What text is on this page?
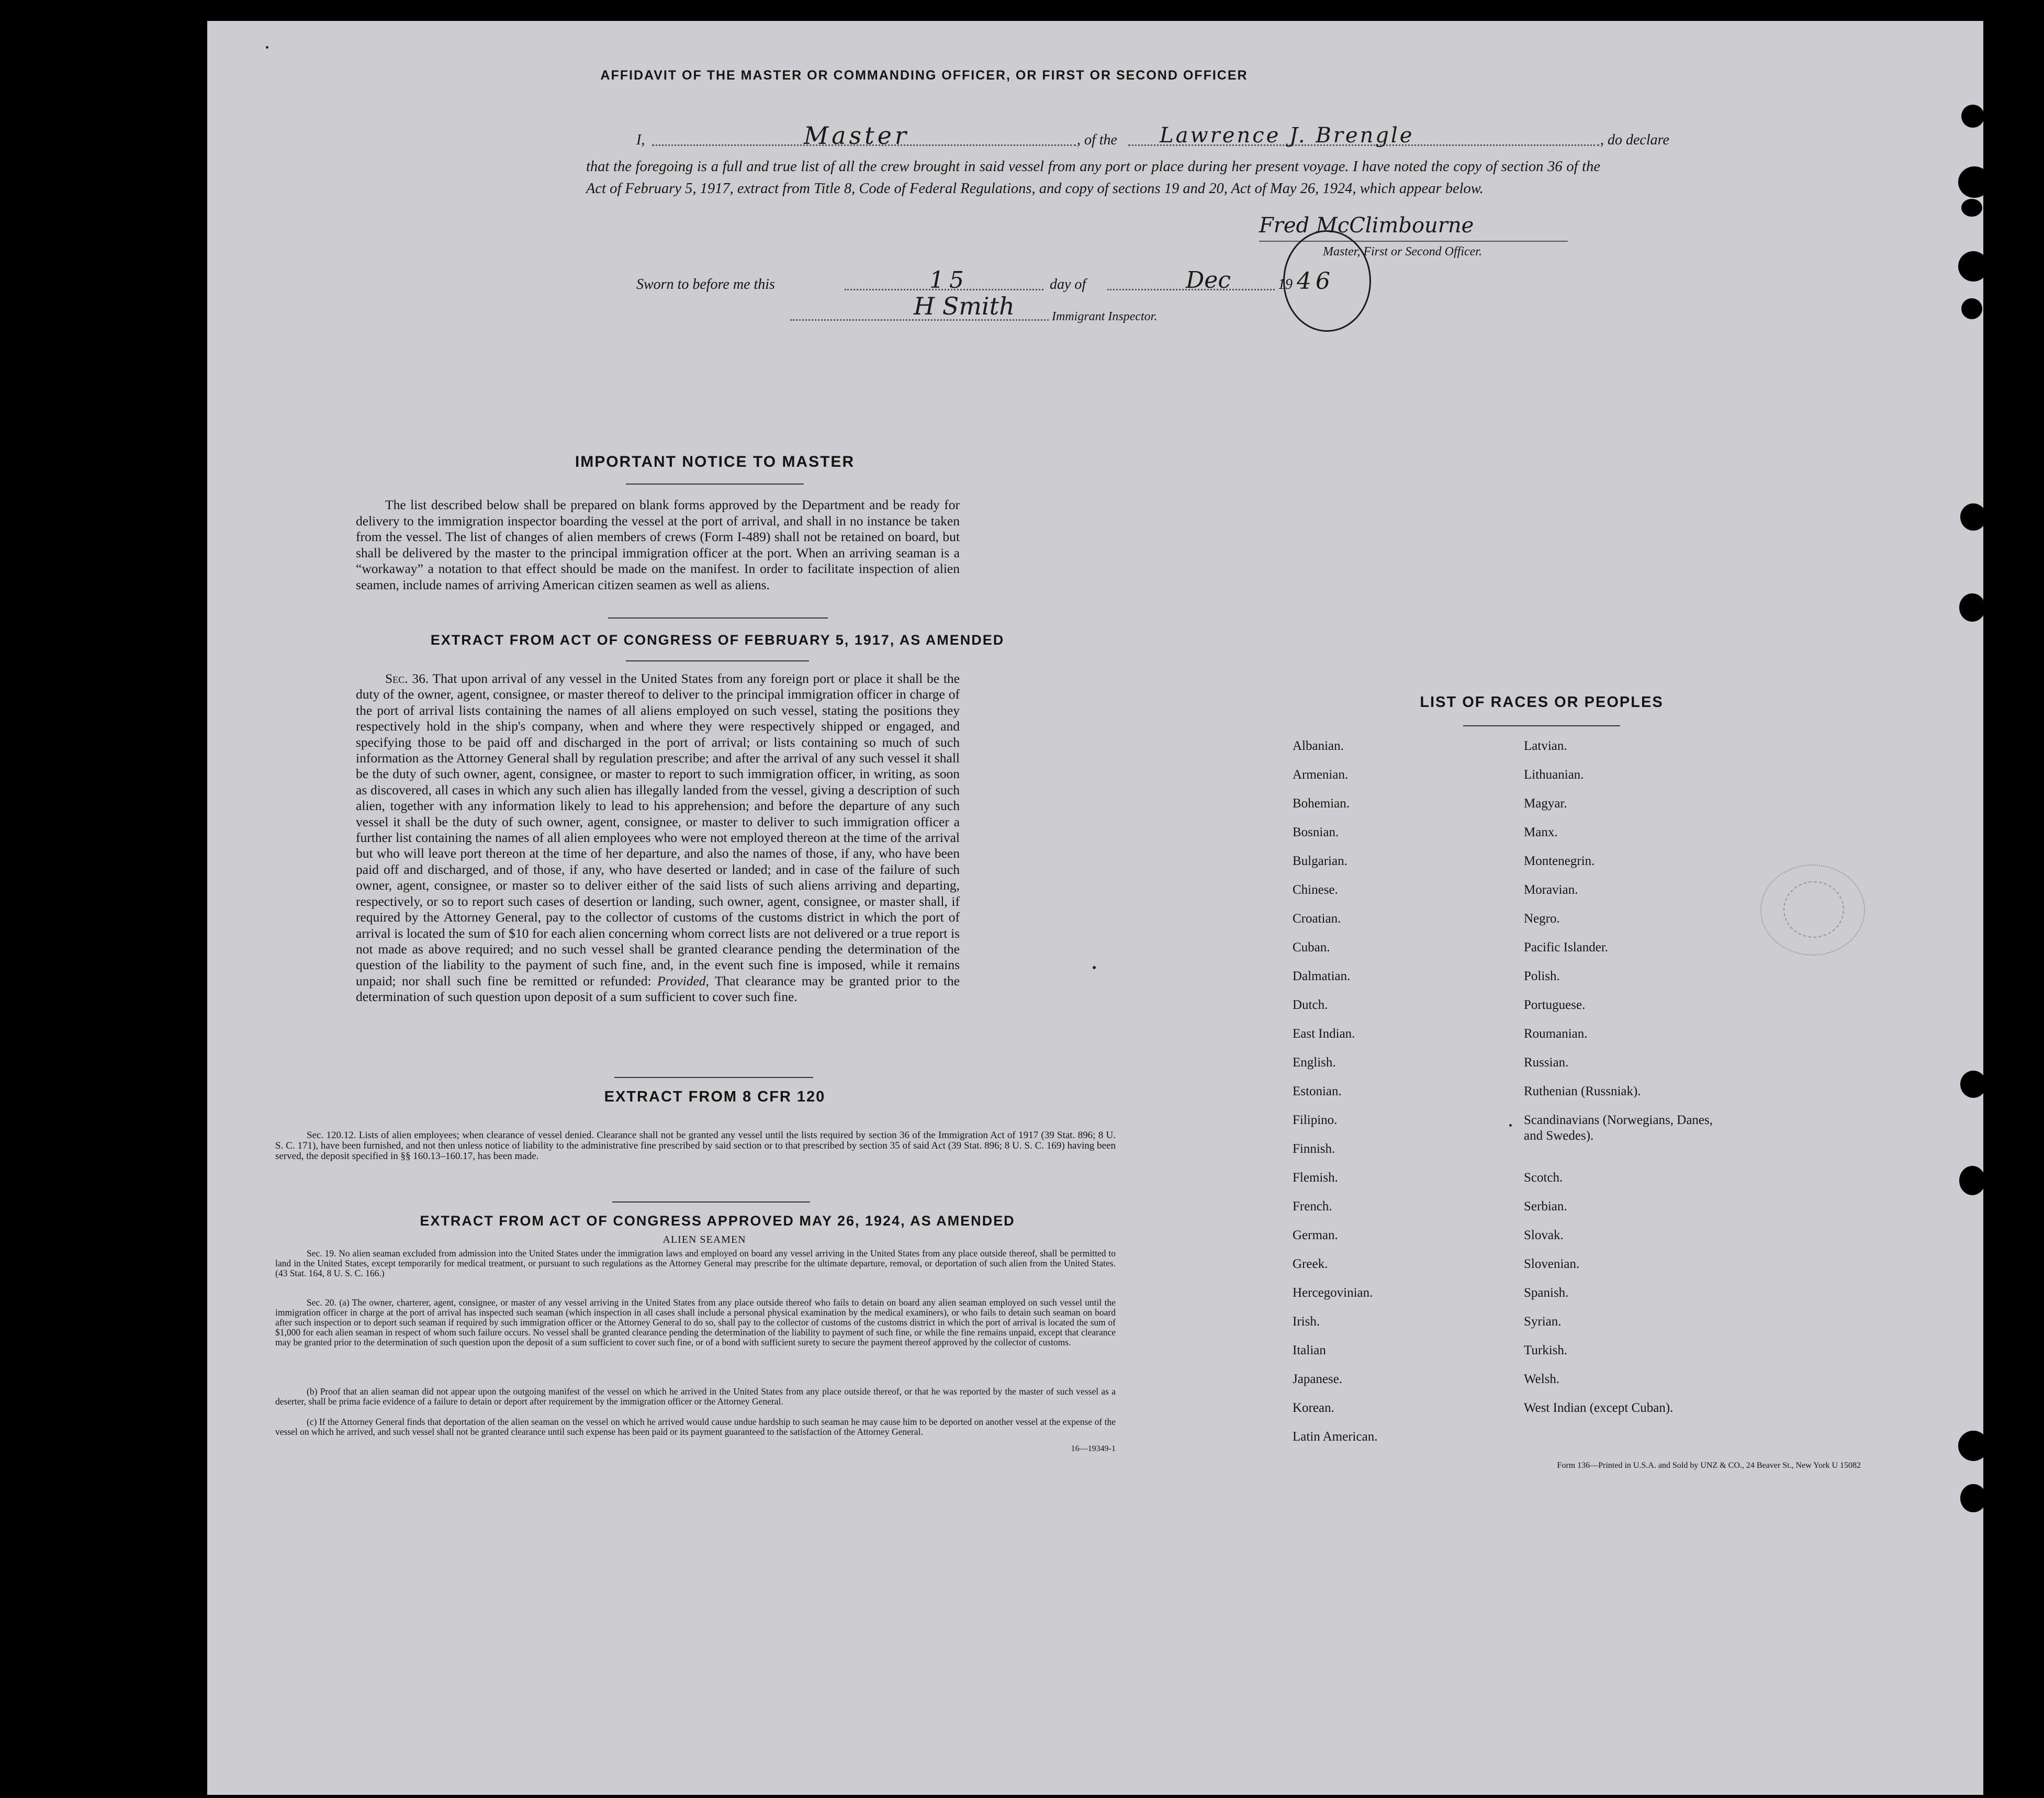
AFFIDAVIT OF THE MASTER OR COMMANDING OFFICER, OR FIRST OR SECOND OFFICER
I,	Master	, of the Lawrence J. Brengle	, do declare
that the foregoing is a full and true list of all the crew brought in said vessel from any port or place during her present voyage. I have noted the copy of section 36 of the Act of February 5, 1917, extract from Title 8, Code of Federal Regulations, and copy of sections 19 and 20, Act of May 26, 1924, which appear below.
Fred McClimbourne
Master, First or Second Officer.
Sworn to before me this	15	day of	Dec	19 46
H Smith	Immigrant Inspector.
IMPORTANT NOTICE TO MASTER
The list described below shall be prepared on blank forms approved by the Department and be ready for delivery to the immigration inspector boarding the vessel at the port of arrival, and shall in no instance be taken from the vessel. The list of changes of alien members of crews (Form I-489) shall not be retained on board, but shall be delivered by the master to the principal immigration officer at the port. When an arriving seaman is a “workaway” a notation to that effect should be made on the manifest. In order to facilitate inspection of alien seamen, include names of arriving American citizen seamen as well as aliens.
EXTRACT FROM ACT OF CONGRESS OF FEBRUARY 5, 1917, AS AMENDED
Sec. 36. That upon arrival of any vessel in the United States from any foreign port or place it shall be the duty of the owner, agent, consignee, or master thereof to deliver to the principal immigration officer in charge of the port of arrival lists containing the names of all aliens employed on such vessel, stating the positions they respectively hold in the ship's company, when and where they were respectively shipped or engaged, and specifying those to be paid off and discharged in the port of arrival; or lists containing so much of such information as the Attorney General shall by regulation prescribe; and after the arrival of any such vessel it shall be the duty of such owner, agent, consignee, or master to report to such immigration officer, in writing, as soon as discovered, all cases in which any such alien has illegally landed from the vessel, giving a description of such alien, together with any information likely to lead to his apprehension; and before the departure of any such vessel it shall be the duty of such owner, agent, consignee, or master to deliver to such immigration officer a further list containing the names of all alien employees who were not employed thereon at the time of the arrival but who will leave port thereon at the time of her departure, and also the names of those, if any, who have been paid off and discharged, and of those, if any, who have deserted or landed; and in case of the failure of such owner, agent, consignee, or master so to deliver either of the said lists of such aliens arriving and departing, respectively, or so to report such cases of desertion or landing, such owner, agent, consignee, or master shall, if required by the Attorney General, pay to the collector of customs of the customs district in which the port of arrival is located the sum of $10 for each alien concerning whom correct lists are not delivered or a true report is not made as above required; and no such vessel shall be granted clearance pending the determination of the question of the liability to the payment of such fine, and, in the event such fine is imposed, while it remains unpaid; nor shall such fine be remitted or refunded: Provided, That clearance may be granted prior to the determination of such question upon deposit of a sum sufficient to cover such fine.
EXTRACT FROM 8 CFR 120
Sec. 120.12. Lists of alien employees; when clearance of vessel denied. Clearance shall not be granted any vessel until the lists required by section 36 of the Immigration Act of 1917 (39 Stat. 896; 8 U. S. C. 171), have been furnished, and not then unless notice of liability to the administrative fine prescribed by said section or to that prescribed by section 35 of said Act (39 Stat. 896; 8 U. S. C. 169) having been served, the deposit specified in §§ 160.13–160.17, has been made.
EXTRACT FROM ACT OF CONGRESS APPROVED MAY 26, 1924, AS AMENDED
ALIEN SEAMEN
Sec. 19. No alien seaman excluded from admission into the United States under the immigration laws and employed on board any vessel arriving in the United States from any place outside thereof, shall be permitted to land in the United States, except temporarily for medical treatment, or pursuant to such regulations as the Attorney General may prescribe for the ultimate departure, removal, or deportation of such alien from the United States. (43 Stat. 164, 8 U. S. C. 166.)
Sec. 20. (a) The owner, charterer, agent, consignee, or master of any vessel arriving in the United States from any place outside thereof who fails to detain on board any alien seaman employed on such vessel until the immigration officer in charge at the port of arrival has inspected such seaman (which inspection in all cases shall include a personal physical examination by the medical examiners), or who fails to detain such seaman on board after such inspection or to deport such seaman if required by such immigration officer or the Attorney General to do so, shall pay to the collector of customs of the customs district in which the port of arrival is located the sum of $1,000 for each alien seaman in respect of whom such failure occurs. No vessel shall be granted clearance pending the determination of the liability to payment of such fine, or while the fine remains unpaid, except that clearance may be granted prior to the determination of such question upon the deposit of a sum sufficient to cover such fine, or of a bond with sufficient surety to secure the payment thereof approved by the collector of customs.
(b) Proof that an alien seaman did not appear upon the outgoing manifest of the vessel on which he arrived in the United States from any place outside thereof, or that he was reported by the master of such vessel as a deserter, shall be prima facie evidence of a failure to detain or deport after requirement by the immigration officer or the Attorney General.
(c) If the Attorney General finds that deportation of the alien seaman on the vessel on which he arrived would cause undue hardship to such seaman he may cause him to be deported on another vessel at the expense of the vessel on which he arrived, and such vessel shall not be granted clearance until such expense has been paid or its payment guaranteed to the satisfaction of the Attorney General.
16—19349-1
LIST OF RACES OR PEOPLES
Albanian.
Armenian.
Bohemian.
Bosnian.
Bulgarian.
Chinese.
Croatian.
Cuban.
Dalmatian.
Dutch.
East Indian.
English.
Estonian.
Filipino.
Finnish.
Flemish.
French.
German.
Greek.
Hercegovinian.
Irish.
Italian
Japanese.
Korean.
Latin American.
Latvian.
Lithuanian.
Magyar.
Manx.
Montenegrin.
Moravian.
Negro.
Pacific Islander.
Polish.
Portuguese.
Roumanian.
Russian.
Ruthenian (Russniak).
Scandinavians (Norwegians, Danes, and Swedes).
Scotch.
Serbian.
Slovak.
Slovenian.
Spanish.
Syrian.
Turkish.
Welsh.
West Indian (except Cuban).
Form 136—Printed in U.S.A. and Sold by UNZ & CO., 24 Beaver St., New York U 15082
